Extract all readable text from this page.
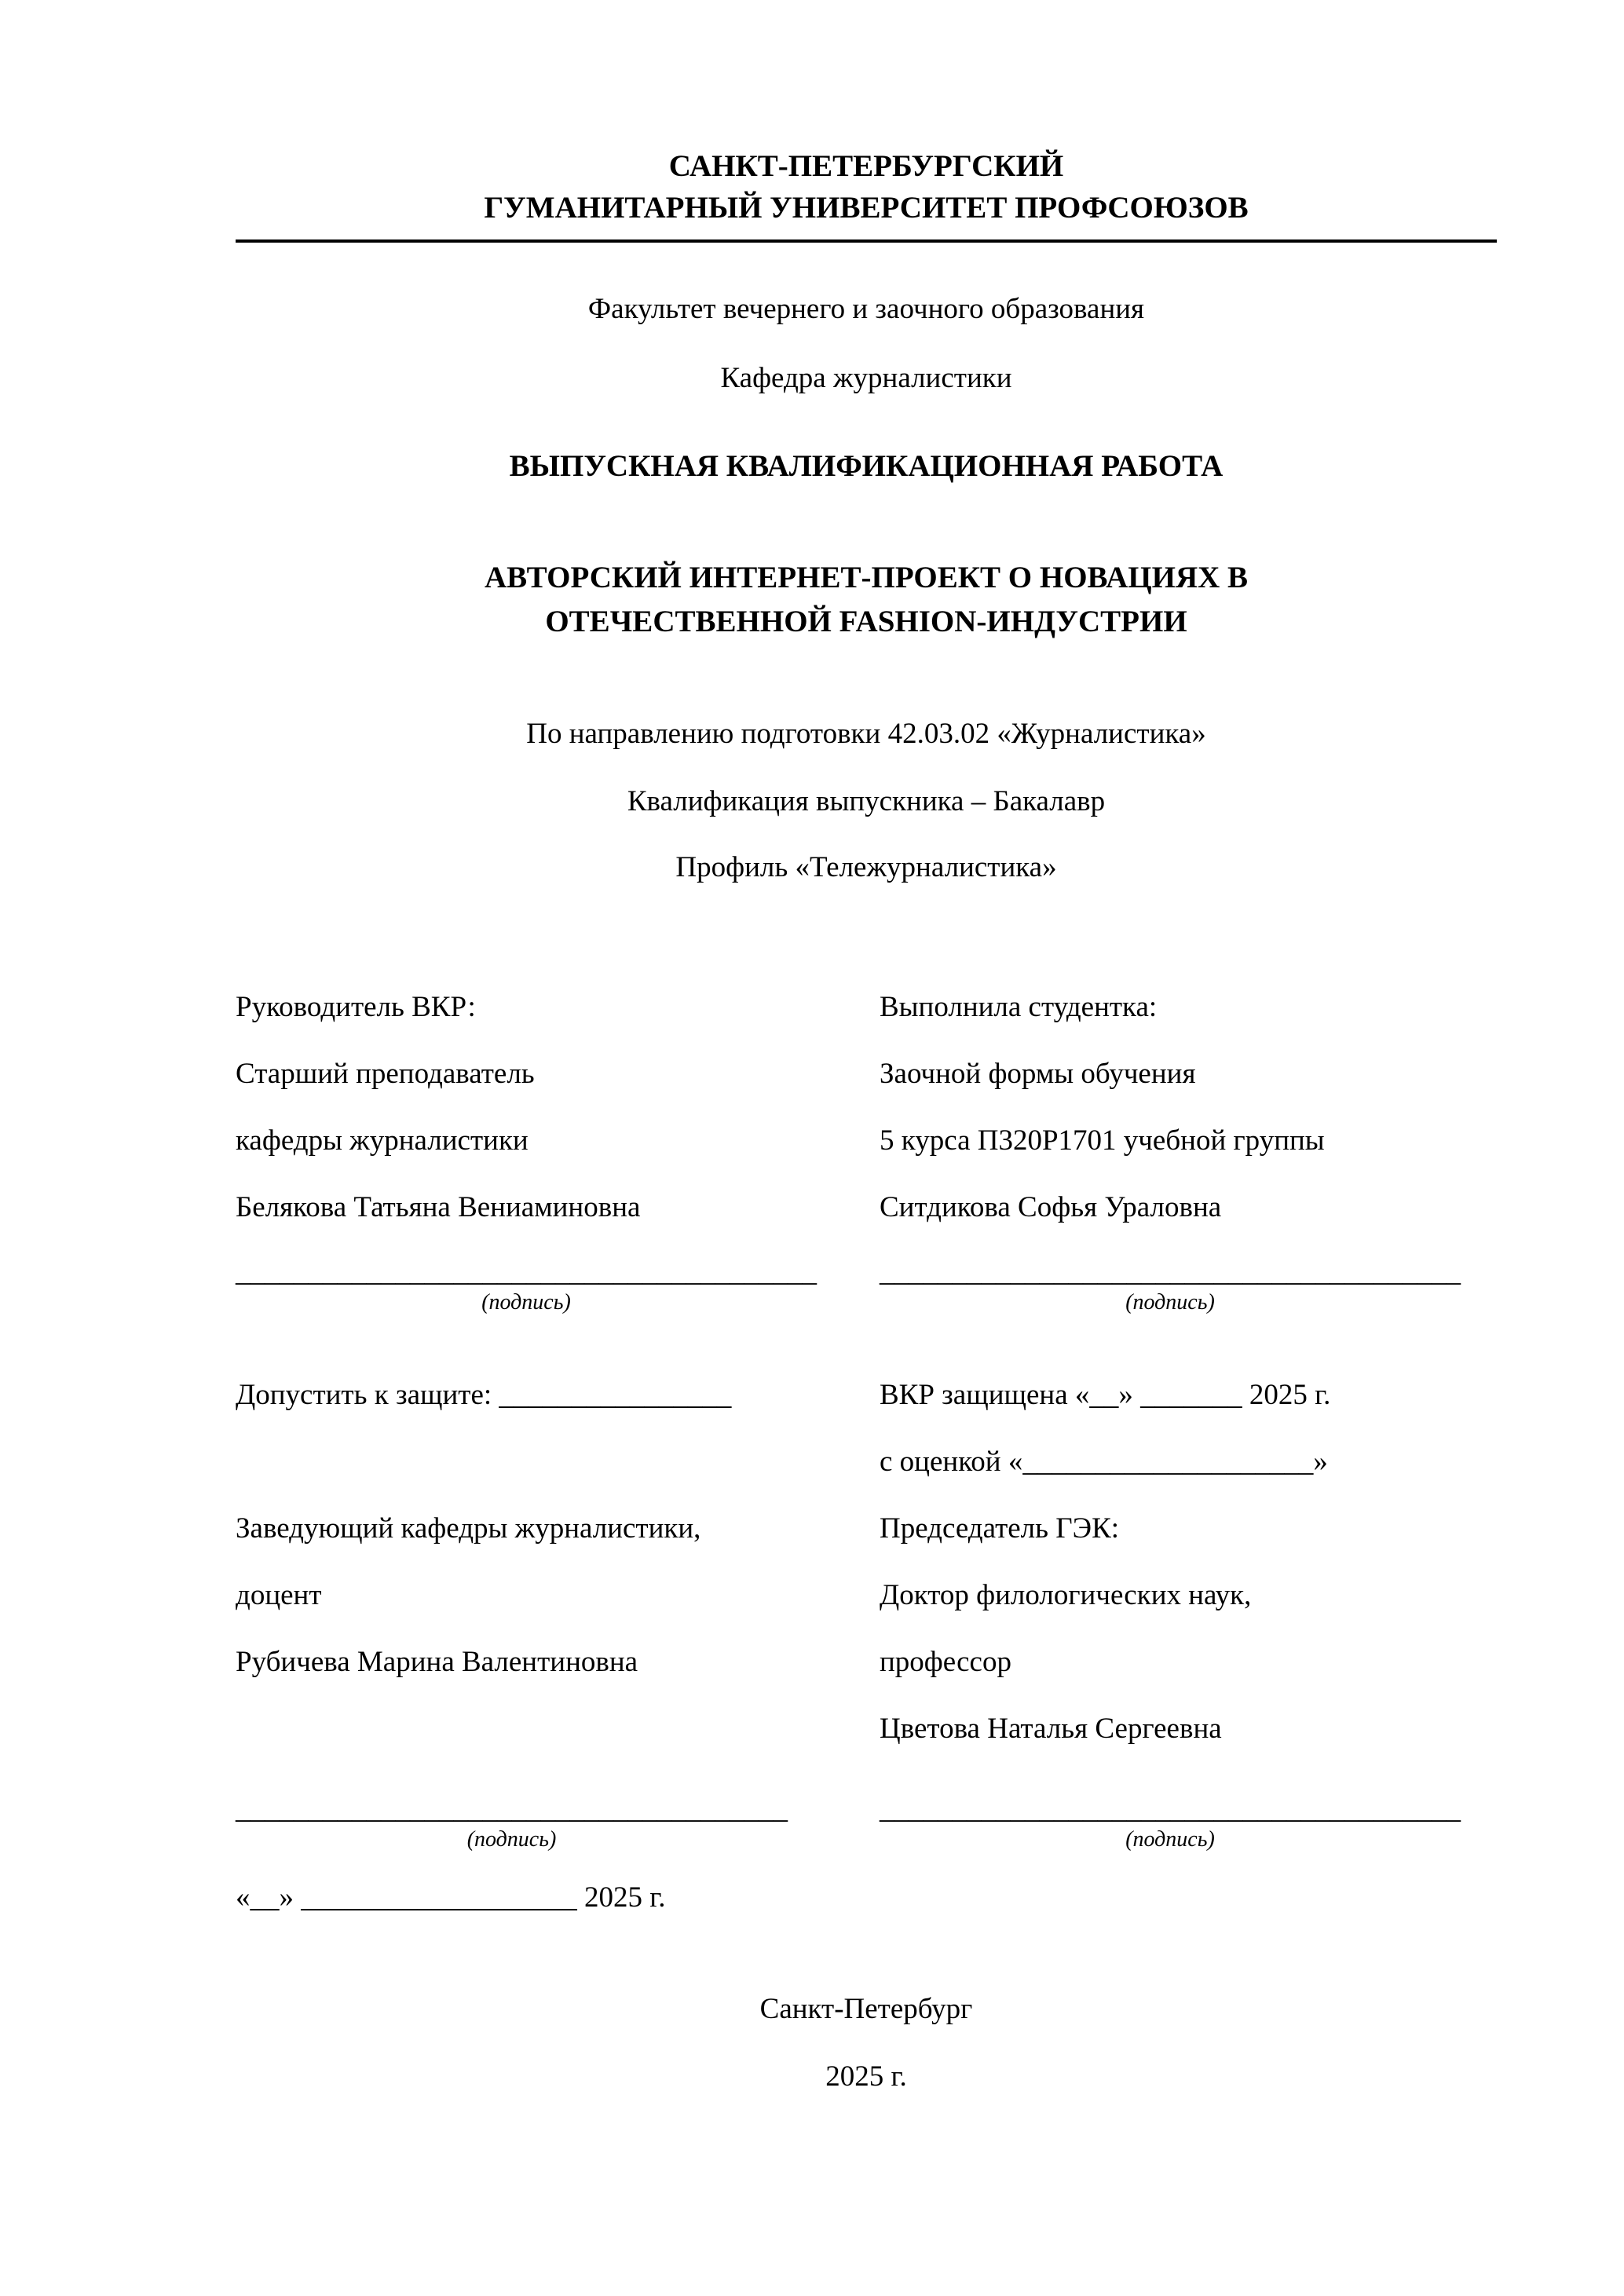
САНКТ-ПЕТЕРБУРГСКИЙ
ГУМАНИТАРНЫЙ УНИВЕРСИТЕТ ПРОФСОЮЗОВ
Факультет вечернего и заочного образования
Кафедра журналистики
ВЫПУСКНАЯ КВАЛИФИКАЦИОННАЯ РАБОТА
АВТОРСКИЙ ИНТЕРНЕТ-ПРОЕКТ О НОВАЦИЯХ В
ОТЕЧЕСТВЕННОЙ FASHION-ИНДУСТРИИ
По направлению подготовки 42.03.02 «Журналистика»
Квалификация выпускника – Бакалавр
Профиль «Тележурналистика»
Руководитель ВКР:
Старший преподаватель
кафедры журналистики
Белякова Татьяна Вениаминовна
________________________________________
(подпись)
Допустить к защите: ________________
Заведующий кафедры журналистики,
доцент
Рубичева Марина Валентиновна
______________________________________
(подпись)
«__» ___________________ 2025 г.
Выполнила студентка:
Заочной формы обучения
5 курса П320Р1701 учебной группы
Ситдикова Софья Ураловна
________________________________________
(подпись)
ВКР защищена «__» _______ 2025 г.
с оценкой «____________________»
Председатель ГЭК:
Доктор филологических наук,
профессор
Цветова Наталья Сергеевна
________________________________________
(подпись)
Санкт-Петербург
2025 г.
